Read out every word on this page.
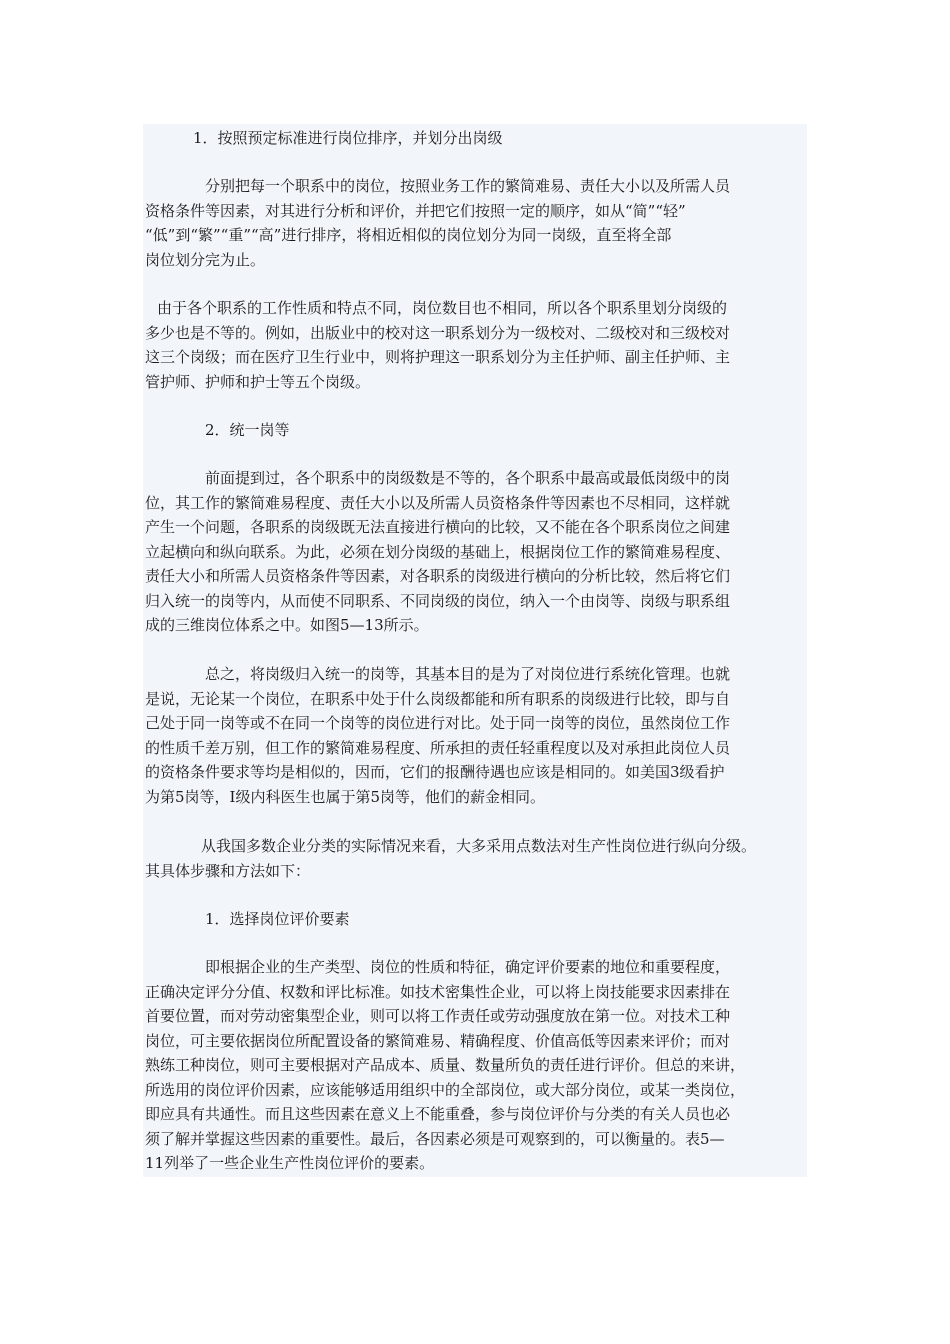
1．按照预定标准进行岗位排序，并划分出岗级

分别把每一个职系中的岗位，按照业务工作的繁简难易、责任大小以及所需人员
资格条件等因素，对其进行分析和评价，并把它们按照一定的顺序，如从“简”“轻”
“低”到“繁”“重”“高”进行排序，将相近相似的岗位划分为同一岗级，直至将全部
岗位划分完为止。

由于各个职系的工作性质和特点不同，岗位数目也不相同，所以各个职系里划分岗级的
多少也是不等的。例如，出版业中的校对这一职系划分为一级校对、二级校对和三级校对
这三个岗级；而在医疗卫生行业中，则将护理这一职系划分为主任护师、副主任护师、主
管护师、护师和护士等五个岗级。

2．统一岗等

前面提到过，各个职系中的岗级数是不等的，各个职系中最高或最低岗级中的岗
位，其工作的繁简难易程度、责任大小以及所需人员资格条件等因素也不尽相同，这样就
产生一个问题，各职系的岗级既无法直接进行横向的比较，又不能在各个职系岗位之间建
立起横向和纵向联系。为此，必须在划分岗级的基础上，根据岗位工作的繁简难易程度、
责任大小和所需人员资格条件等因素，对各职系的岗级进行横向的分析比较，然后将它们
归入统一的岗等内，从而使不同职系、不同岗级的岗位，纳入一个由岗等、岗级与职系组
成的三维岗位体系之中。如图5—13所示。

总之，将岗级归入统一的岗等，其基本目的是为了对岗位进行系统化管理。也就
是说，无论某一个岗位，在职系中处于什么岗级都能和所有职系的岗级进行比较，即与自
己处于同一岗等或不在同一个岗等的岗位进行对比。处于同一岗等的岗位，虽然岗位工作
的性质千差万别，但工作的繁简难易程度、所承担的责任轻重程度以及对承担此岗位人员
的资格条件要求等均是相似的，因而，它们的报酬待遇也应该是相同的。如美国3级看护
为第5岗等，I级内科医生也属于第5岗等，他们的薪金相同。

从我国多数企业分类的实际情况来看，大多采用点数法对生产性岗位进行纵向分级。
其具体步骤和方法如下：

1．选择岗位评价要素

即根据企业的生产类型、岗位的性质和特征，确定评价要素的地位和重要程度，
正确决定评分分值、权数和评比标准。如技术密集性企业，可以将上岗技能要求因素排在
首要位置，而对劳动密集型企业，则可以将工作责任或劳动强度放在第一位。对技术工种
岗位，可主要依据岗位所配置设备的繁简难易、精确程度、价值高低等因素来评价；而对
熟练工种岗位，则可主要根据对产品成本、质量、数量所负的责任进行评价。但总的来讲，
所选用的岗位评价因素，应该能够适用组织中的全部岗位，或大部分岗位，或某一类岗位，
即应具有共通性。而且这些因素在意义上不能重叠，参与岗位评价与分类的有关人员也必
须了解并掌握这些因素的重要性。最后，各因素必须是可观察到的，可以衡量的。表5—
11列举了一些企业生产性岗位评价的要素。
